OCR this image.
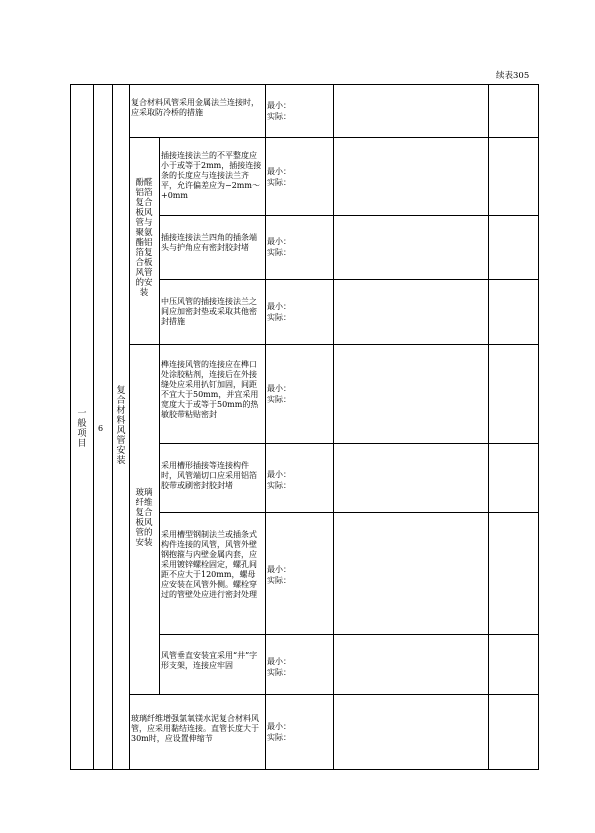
续表305
一般项目
6
复合材料风管安装
酚醛铝箔复合板风管与聚氨酯铝箔复合板风管的安装
玻璃纤维复合板风管的安装
复合材料风管采用金属法兰连接时，应采取防冷桥的措施
最小：
实际：
插接连接法兰的不平整度应小于或等于2mm，插接连接条的长度应与连接法兰齐平，允许偏差应为−2mm～+0mm
最小：
实际：
插接连接法兰四角的插条端头与护角应有密封胶封堵
最小：
实际：
中压风管的插接连接法兰之间应加密封垫或采取其他密封措施
最小：
实际：
榫连接风管的连接应在榫口处涂胶粘剂，连接后在外接缝处应采用扒钉加固，间距不宜大于50mm，并宜采用宽度大于或等于50mm的热敏胶带粘贴密封
最小：
实际：
采用槽形插接等连接构件时，风管端切口应采用铝箔胶带或刷密封胶封堵
最小：
实际：
采用槽型钢制法兰或插条式构件连接的风管，风管外壁钢抱箍与内壁金属内套，应采用镀锌螺栓固定，螺孔间距不应大于120mm，螺母应安装在风管外侧。螺栓穿过的管壁处应进行密封处理
最小：
实际：
风管垂直安装宜采用“井”字形支架，连接应牢固	最小：
实际：
玻璃纤维增强氯氧镁水泥复合材料风管，应采用黏结连接。直管长度大于30m时，应设置伸缩节
最小：
实际：
